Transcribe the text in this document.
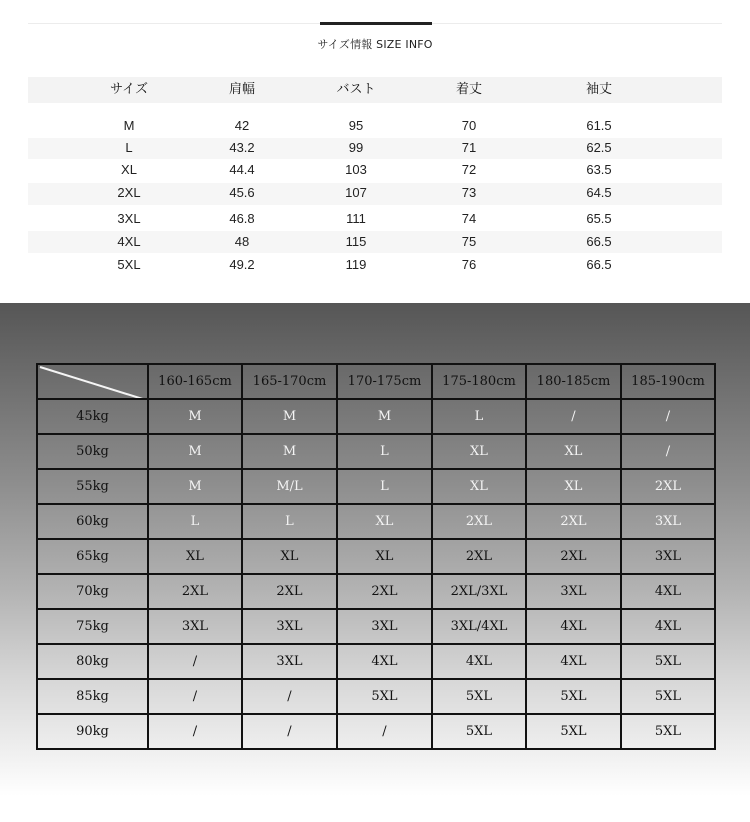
サイズ情報 SIZE INFO
サイズ	肩幅	バスト	着丈	袖丈
M	42	95	70	61.5
L	43.2	99	71	62.5
XL	44.4	103	72	63.5
2XL	45.6	107	73	64.5
3XL	46.8	111	74	65.5
4XL	48	115	75	66.5
5XL	49.2	119	76	66.5
	160-165cm	165-170cm	170-175cm	175-180cm	180-185cm	185-190cm
45kg	M	M	M	L	/	/
50kg	M	M	L	XL	XL	/
55kg	M	M/L	L	XL	XL	2XL
60kg	L	L	XL	2XL	2XL	3XL
65kg	XL	XL	XL	2XL	2XL	3XL
70kg	2XL	2XL	2XL	2XL/3XL	3XL	4XL
75kg	3XL	3XL	3XL	3XL/4XL	4XL	4XL
80kg	/	3XL	4XL	4XL	4XL	5XL
85kg	/	/	5XL	5XL	5XL	5XL
90kg	/	/	/	5XL	5XL	5XL
